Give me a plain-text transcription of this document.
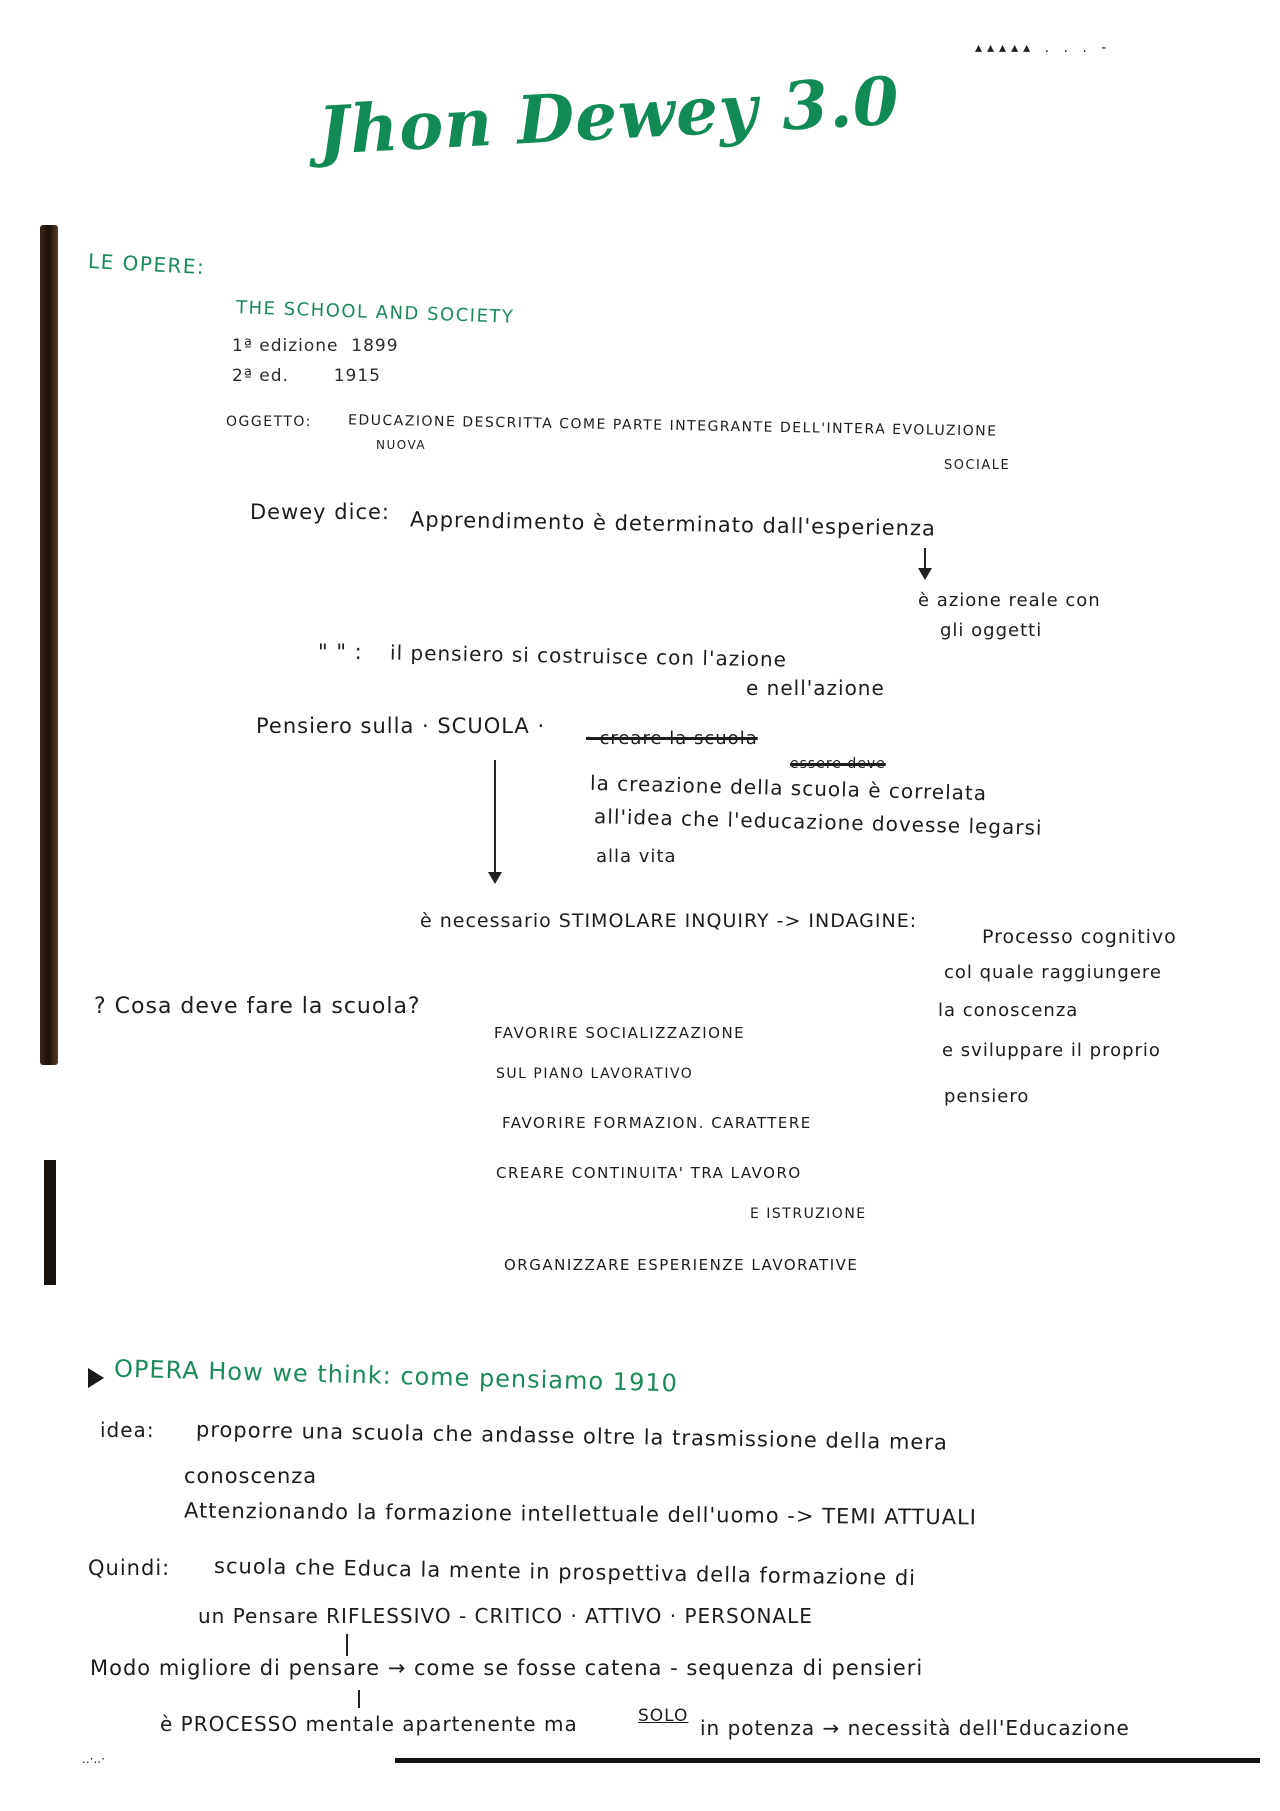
▴▴▴▴▴ . . . -
Jhon Dewey 3.0
LE OPERE:
THE SCHOOL AND SOCIETY
1ª edizione  1899
2ª ed.       1915
OGGETTO:	EDUCAZIONE DESCRITTA COME PARTE INTEGRANTE DELL'INTERA EVOLUZIONE
NUOVA
SOCIALE
Dewey dice: Apprendimento è determinato dall'esperienza
è azione reale con
gli oggetti
" " : il pensiero si costruisce con l'azione
e nell'azione
Pensiero sulla · SCUOLA ·
· creare la scuola
essere deve
la creazione della scuola è correlata
all'idea che l'educazione dovesse legarsi
alla vita
è necessario STIMOLARE INQUIRY -> INDAGINE:
Processo cognitivo
col quale raggiungere
la conoscenza
e sviluppare il proprio
pensiero
? Cosa deve fare la scuola?
FAVORIRE SOCIALIZZAZIONE
SUL PIANO LAVORATIVO
FAVORIRE FORMAZION. CARATTERE
CREARE CONTINUITA' TRA LAVORO
E ISTRUZIONE
ORGANIZZARE ESPERIENZE LAVORATIVE
OPERA How we think: come pensiamo 1910
idea: proporre una scuola che andasse oltre la trasmissione della mera
conoscenza
Attenzionando la formazione intellettuale dell'uomo -> TEMI ATTUALI
Quindi: scuola che Educa la mente in prospettiva della formazione di
un Pensare RIFLESSIVO - CRITICO · ATTIVO · PERSONALE
Modo migliore di pensare → come se fosse catena - sequenza di pensieri
è PROCESSO mentale apartenente ma	SOLO in potenza → necessità dell'Educazione
..·..·
